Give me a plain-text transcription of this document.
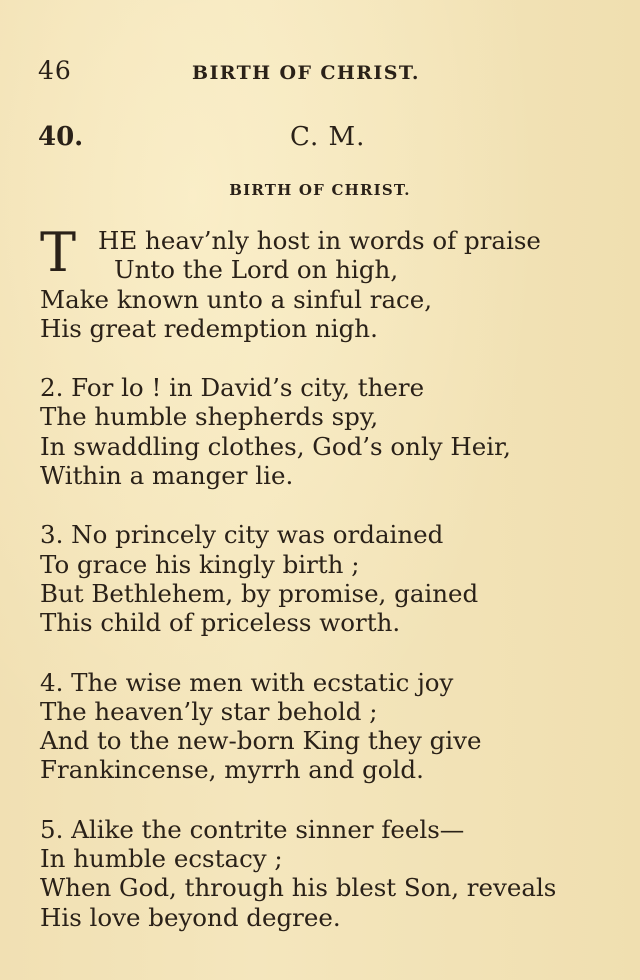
46	BIRTH OF CHRIST.
40.	C. M.
BIRTH OF CHRIST.
T HE heav’nly host in words of praise
Unto the Lord on high,
Make known unto a sinful race,
His great redemption nigh.
2. For lo ! in David’s city, there
The humble shepherds spy,
In swaddling clothes, God’s only Heir,
Within a manger lie.
3. No princely city was ordained
To grace his kingly birth ;
But Bethlehem, by promise, gained
This child of priceless worth.
4. The wise men with ecstatic joy
The heaven’ly star behold ;
And to the new-born King they give
Frankincense, myrrh and gold.
5. Alike the contrite sinner feels—
In humble ecstacy ;
When God, through his blest Son, reveals
His love beyond degree.
